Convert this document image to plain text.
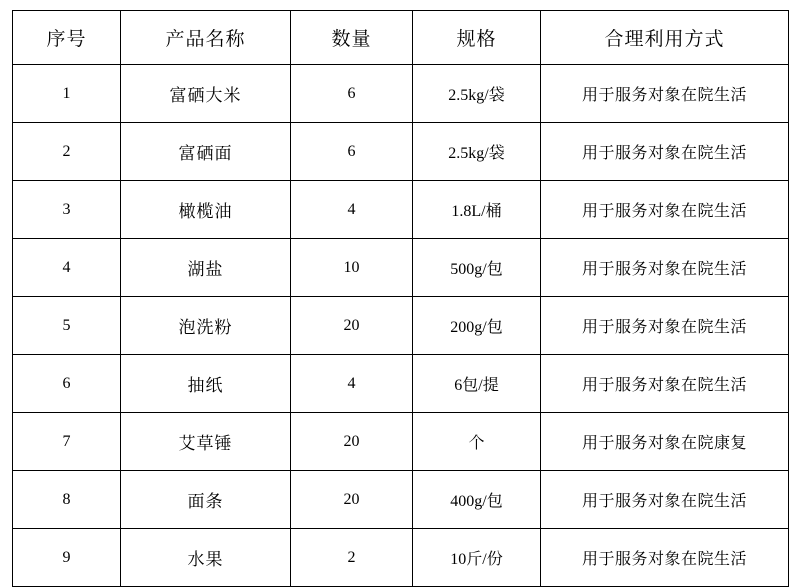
序号	产品名称	数量	规格	合理利用方式
1	富硒大米	6	2.5kg/袋	用于服务对象在院生活
2	富硒面	6	2.5kg/袋	用于服务对象在院生活
3	橄榄油	4	1.8L/桶	用于服务对象在院生活
4	湖盐	10	500g/包	用于服务对象在院生活
5	泡洗粉	20	200g/包	用于服务对象在院生活
6	抽纸	4	6包/提	用于服务对象在院生活
7	艾草锤	20	个	用于服务对象在院康复
8	面条	20	400g/包	用于服务对象在院生活
9	水果	2	10斤/份	用于服务对象在院生活
